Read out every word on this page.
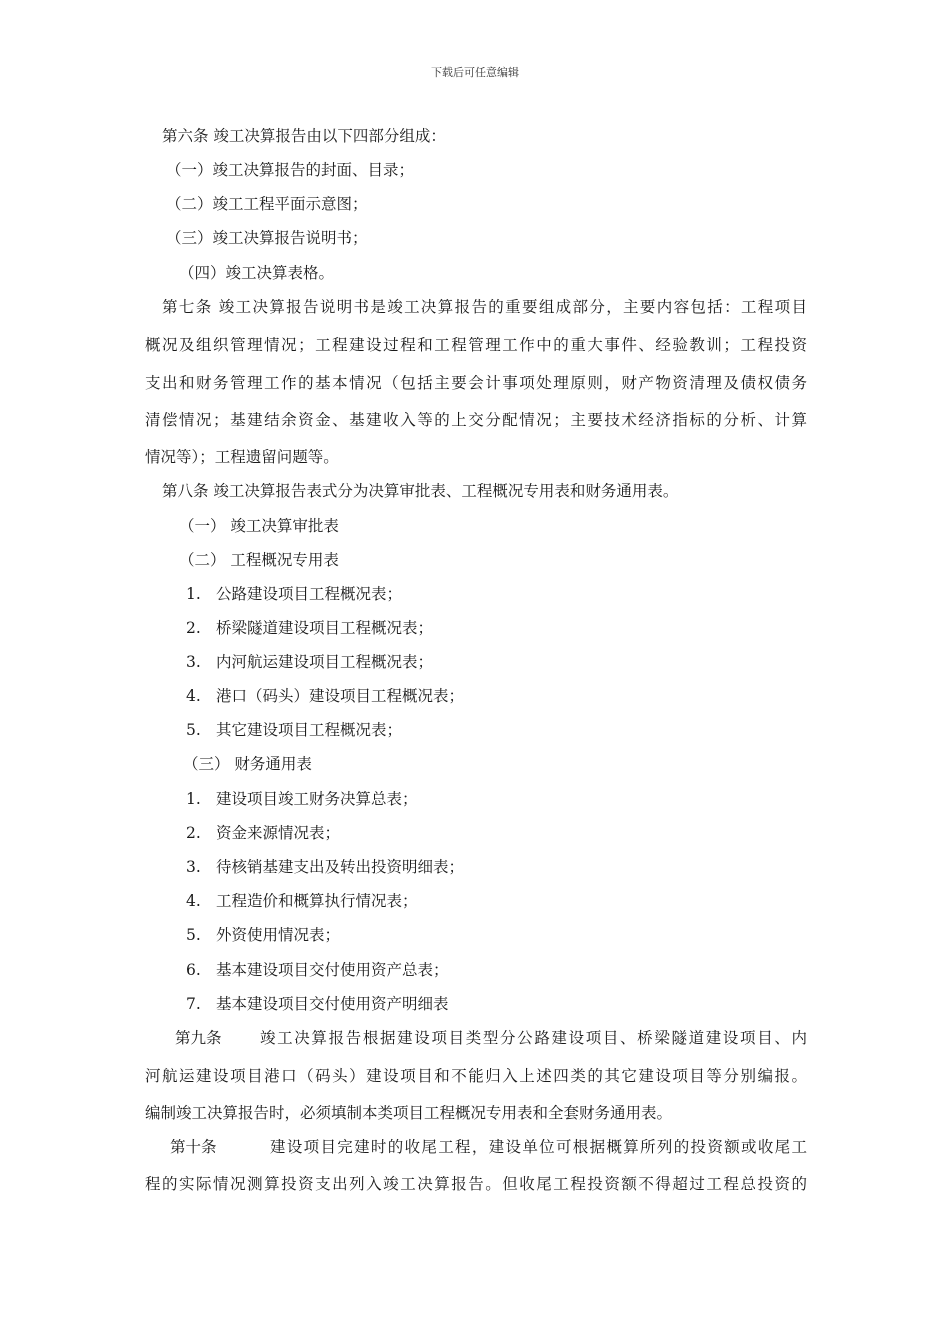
下载后可任意编辑
第六条 竣工决算报告由以下四部分组成：
（一）竣工决算报告的封面、目录；
（二）竣工工程平面示意图；
（三）竣工决算报告说明书；
（四）竣工决算表格。
第七条 竣工决算报告说明书是竣工决算报告的重要组成部分，主要内容包括：工程项目
概况及组织管理情况；工程建设过程和工程管理工作中的重大事件、经验教训；工程投资
支出和财务管理工作的基本情况（包括主要会计事项处理原则，财产物资清理及债权债务
清偿情况；基建结余资金、基建收入等的上交分配情况；主要技术经济指标的分析、计算
情况等）；工程遗留问题等。
第八条 竣工决算报告表式分为决算审批表、工程概况专用表和财务通用表。
（一） 竣工决算审批表
（二） 工程概况专用表
1. 公路建设项目工程概况表；
2. 桥梁隧道建设项目工程概况表；
3. 内河航运建设项目工程概况表；
4. 港口（码头）建设项目工程概况表；
5. 其它建设项目工程概况表；
（三） 财务通用表
1. 建设项目竣工财务决算总表；
2. 资金来源情况表；
3. 待核销基建支出及转出投资明细表；
4. 工程造价和概算执行情况表；
5. 外资使用情况表；
6. 基本建设项目交付使用资产总表；
7. 基本建设项目交付使用资产明细表
第九条 竣工决算报告根据建设项目类型分公路建设项目、桥梁隧道建设项目、内
河航运建设项目港口（码头）建设项目和不能归入上述四类的其它建设项目等分别编报。
编制竣工决算报告时，必须填制本类项目工程概况专用表和全套财务通用表。
第十条	建设项目完建时的收尾工程，建设单位可根据概算所列的投资额或收尾工
程的实际情况测算投资支出列入竣工决算报告。但收尾工程投资额不得超过工程总投资的
